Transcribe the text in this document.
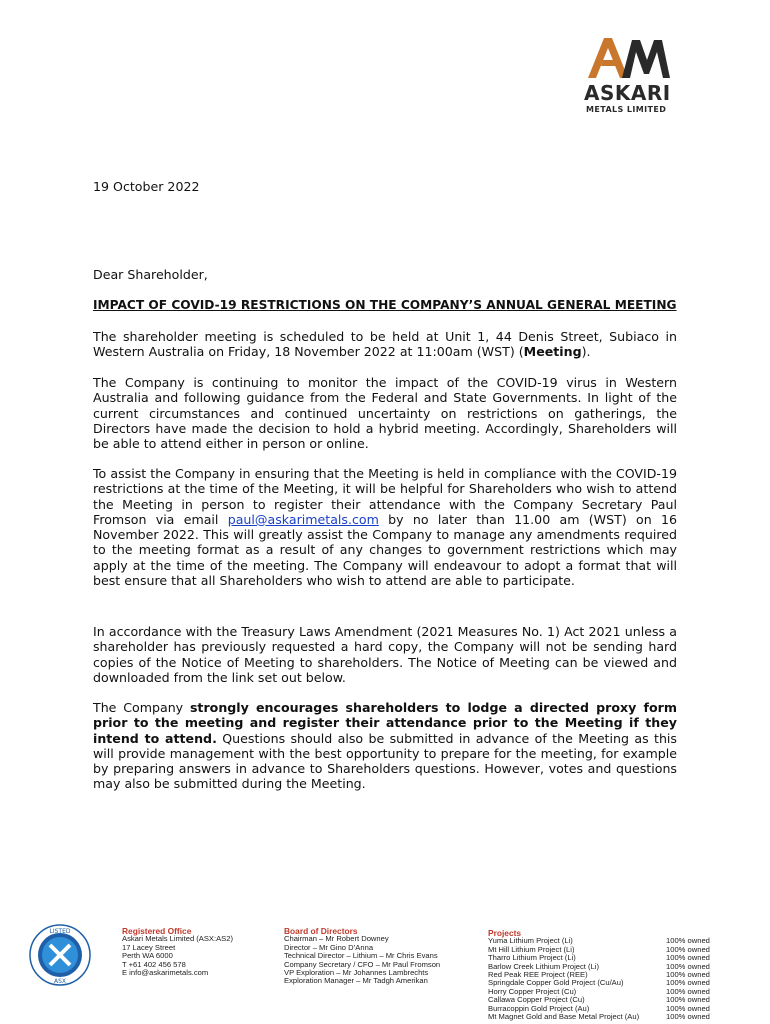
ASKARI
METALS LIMITED
19 October 2022
Dear Shareholder,
IMPACT OF COVID-19 RESTRICTIONS ON THE COMPANY’S ANNUAL GENERAL MEETING

The shareholder meeting is scheduled to be held at Unit 1, 44 Denis Street, Subiaco in Western Australia on Friday, 18 November 2022 at 11:00am (WST) (Meeting).

The Company is continuing to monitor the impact of the COVID-19 virus in Western Australia and following guidance from the Federal and State Governments. In light of the current circumstances and continued uncertainty on restrictions on gatherings, the Directors have made the decision to hold a hybrid meeting. Accordingly, Shareholders will be able to attend either in person or online.

To assist the Company in ensuring that the Meeting is held in compliance with the COVID-19 restrictions at the time of the Meeting, it will be helpful for Shareholders who wish to attend the Meeting in person to register their attendance with the Company Secretary Paul Fromson via email paul@askarimetals.com by no later than 11.00 am (WST) on 16 November 2022. This will greatly assist the Company to manage any amendments required to the meeting format as a result of any changes to government restrictions which may apply at the time of the meeting. The Company will endeavour to adopt a format that will best ensure that all Shareholders who wish to attend are able to participate.

In accordance with the Treasury Laws Amendment (2021 Measures No. 1) Act 2021 unless a shareholder has previously requested a hard copy, the Company will not be sending hard copies of the Notice of Meeting to shareholders. The Notice of Meeting can be viewed and downloaded from the link set out below.

The Company strongly encourages shareholders to lodge a directed proxy form prior to the meeting and register their attendance prior to the Meeting if they intend to attend. Questions should also be submitted in advance of the Meeting as this will provide management with the best opportunity to prepare for the meeting, for example by preparing answers in advance to Shareholders questions. However, votes and questions may also be submitted during the Meeting.

LISTED
ASX
Registered Office
Askari Metals Limited (ASX:AS2)
17 Lacey Street
Perth WA 6000
T +61 402 456 578
E info@askarimetals.com
Board of Directors
Chairman – Mr Robert Downey
Director – Mr Gino D’Anna
Technical Director – Lithium – Mr Chris Evans
Company Secretary / CFO – Mr Paul Fromson
VP Exploration – Mr Johannes Lambrechts
Exploration Manager – Mr Tadgh Amerikan
Projects
Yuma Lithium Project (Li)	100% owned
Mt Hill Lithium Project (Li)	100% owned
Tharro Lithium Project (Li)	100% owned
Barlow Creek Lithium Project (Li)	100% owned
Red Peak REE Project (REE)	100% owned
Springdale Copper Gold Project (Cu/Au)	100% owned
Horry Copper Project (Cu)	100% owned
Callawa Copper Project (Cu)	100% owned
Burracoppin Gold Project (Au)	100% owned
Mt Magnet Gold and Base Metal Project (Au)	100% owned
